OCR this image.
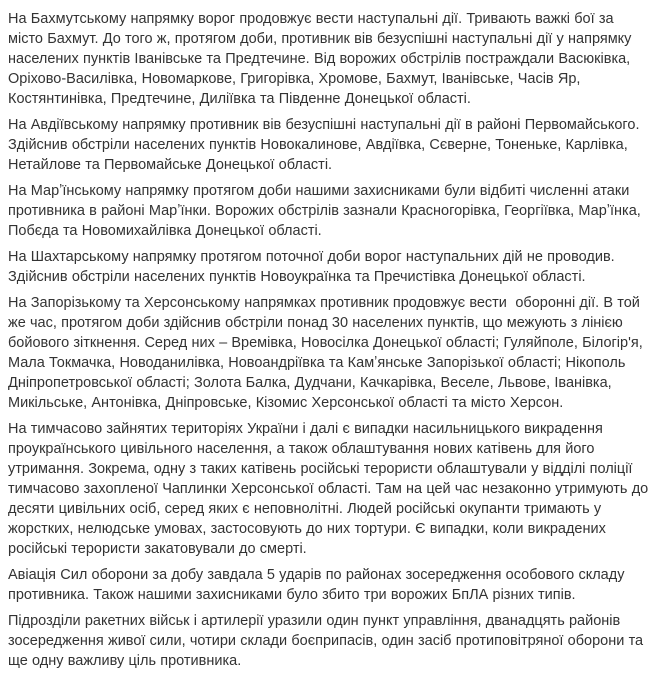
На Бахмутському напрямку ворог продовжує вести наступальні дії. Тривають важкі бої за місто Бахмут. До того ж, протягом доби, противник вів безуспішні наступальні дії у напрямку населених пунктів Іванівське та Предтечине. Від ворожих обстрілів постраждали Васюківка, Оріхово-Василівка, Новомаркове, Григорівка, Хромове, Бахмут, Іванівське, Часів Яр, Костянтинівка, Предтечине, Диліївка та Південне Донецької області.

На Авдіївському напрямку противник вів безуспішні наступальні дії в районі Первомайського. Здійснив обстріли населених пунктів Новокалинове, Авдіївка, Сєверне, Тоненьке, Карлівка, Нетайлове та Первомайське Донецької області.

На Марʼїнському напрямку протягом доби нашими захисниками були відбиті численні атаки противника в районі Марʼїнки. Ворожих обстрілів зазнали Красногорівка, Георгіївка, Марʼїнка, Побєда та Новомихайлівка Донецької області.

На Шахтарському напрямку протягом поточної доби ворог наступальних дій не проводив. Здійснив обстріли населених пунктів Новоукраїнка та Пречистівка Донецької області.

На Запорізькому та Херсонському напрямках противник продовжує вести  оборонні дії. В той же час, протягом доби здійснив обстріли понад 30 населених пунктів, що межують з лінією бойового зіткнення. Серед них – Времівка, Новосілка Донецької області; Гуляйполе, Білогір'я, Мала Токмачка, Новоданилівка, Новоандріївка та Камʼянське Запорізької області; Нікополь Дніпропетровської області; Золота Балка, Дудчани, Качкарівка, Веселе, Львове, Іванівка, Микільське, Антонівка, Дніпровське, Кізомис Херсонської області та місто Херсон.

На тимчасово зайнятих територіях України і далі є випадки насильницького викрадення проукраїнського цивільного населення, а також облаштування нових катівень для його утримання. Зокрема, одну з таких катівень російські терористи облаштували у відділі поліції тимчасово захопленої Чаплинки Херсонської області. Там на цей час незаконно утримують до десяти цивільних осіб, серед яких є неповнолітні. Людей російські окупанти тримають у жорстких, нелюдське умовах, застосовують до них тортури. Є випадки, коли викрадених російські терористи закатовували до смерті.

Авіація Сил оборони за добу завдала 5 ударів по районах зосередження особового складу противника. Також нашими захисниками було збито три ворожих БпЛА різних типів.

Підрозділи ракетних військ і артилерії уразили один пункт управління, дванадцять районів зосередження живої сили, чотири склади боєприпасів, один засіб протиповітряної оборони та ще одну важливу ціль противника.
